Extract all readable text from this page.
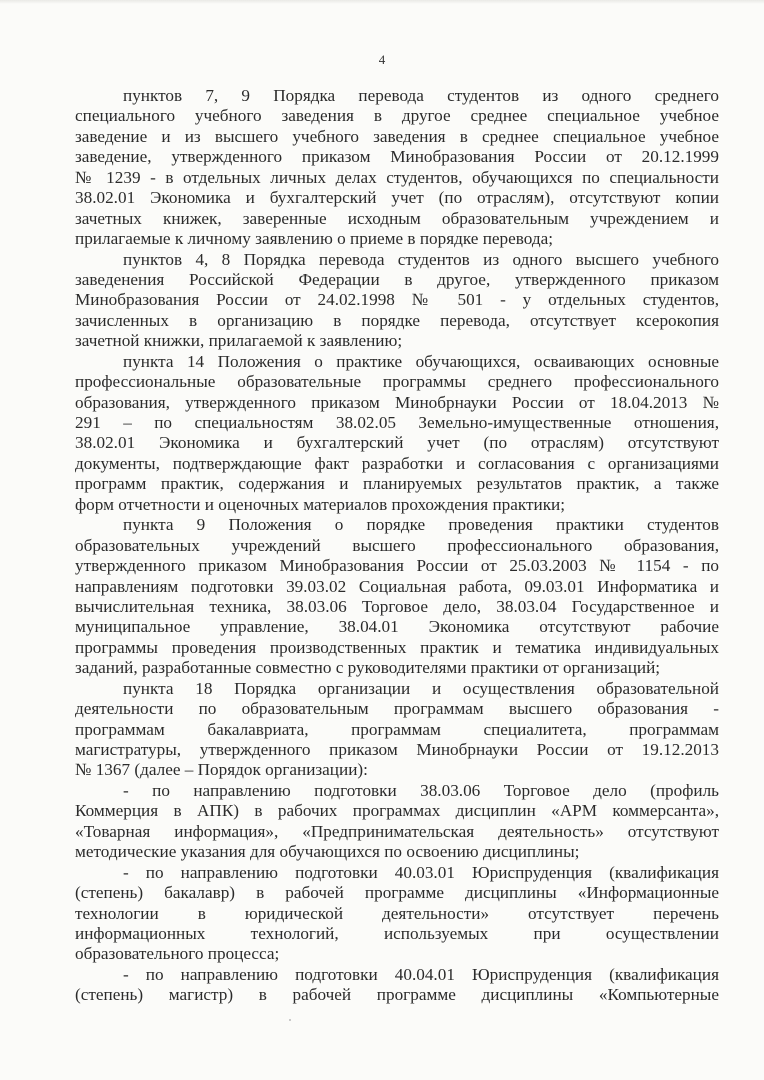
4
пунктов 7, 9 Порядка перевода студентов из одного среднего
специального учебного заведения в другое среднее специальное учебное
заведение и из высшего учебного заведения в среднее специальное учебное
заведение, утвержденного приказом Минобразования России от 20.12.1999
№ 1239 - в отдельных личных делах студентов, обучающихся по специальности
38.02.01 Экономика и бухгалтерский учет (по отраслям), отсутствуют копии
зачетных книжек, заверенные исходным образовательным учреждением и
прилагаемые к личному заявлению о приеме в порядке перевода;
пунктов 4, 8 Порядка перевода студентов из одного высшего учебного
заведенения Российской Федерации в другое, утвержденного приказом
Минобразования России от 24.02.1998 № 501 - у отдельных студентов,
зачисленных в организацию в порядке перевода, отсутствует ксерокопия
зачетной книжки, прилагаемой к заявлению;
пункта 14 Положения о практике обучающихся, осваивающих основные
профессиональные образовательные программы среднего профессионального
образования, утвержденного приказом Минобрнауки России от 18.04.2013 №
291 – по специальностям 38.02.05 Земельно-имущественные отношения,
38.02.01 Экономика и бухгалтерский учет (по отраслям) отсутствуют
документы, подтверждающие факт разработки и согласования с организациями
программ практик, содержания и планируемых результатов практик, а также
форм отчетности и оценочных материалов прохождения практики;
пункта 9 Положения о порядке проведения практики студентов
образовательных учреждений высшего профессионального образования,
утвержденного приказом Минобразования России от 25.03.2003 № 1154 - по
направлениям подготовки 39.03.02 Социальная работа, 09.03.01 Информатика и
вычислительная техника, 38.03.06 Торговое дело, 38.03.04 Государственное и
муниципальное управление, 38.04.01 Экономика отсутствуют рабочие
программы проведения производственных практик и тематика индивидуальных
заданий, разработанные совместно с руководителями практики от организаций;
пункта 18 Порядка организации и осуществления образовательной
деятельности по образовательным программам высшего образования -
программам бакалавриата, программам специалитета, программам
магистратуры, утвержденного приказом Минобрнауки России от 19.12.2013
№ 1367 (далее – Порядок организации):
- по направлению подготовки 38.03.06 Торговое дело (профиль
Коммерция в АПК) в рабочих программах дисциплин «АРМ коммерсанта»,
«Товарная информация», «Предпринимательская деятельность» отсутствуют
методические указания для обучающихся по освоению дисциплины;
- по направлению подготовки 40.03.01 Юриспруденция (квалификация
(степень) бакалавр) в рабочей программе дисциплины «Информационные
технологии в юридической деятельности» отсутствует перечень
информационных технологий, используемых при осуществлении
образовательного процесса;
- по направлению подготовки 40.04.01 Юриспруденция (квалификация
(степень) магистр) в рабочей программе дисциплины «Компьютерные
